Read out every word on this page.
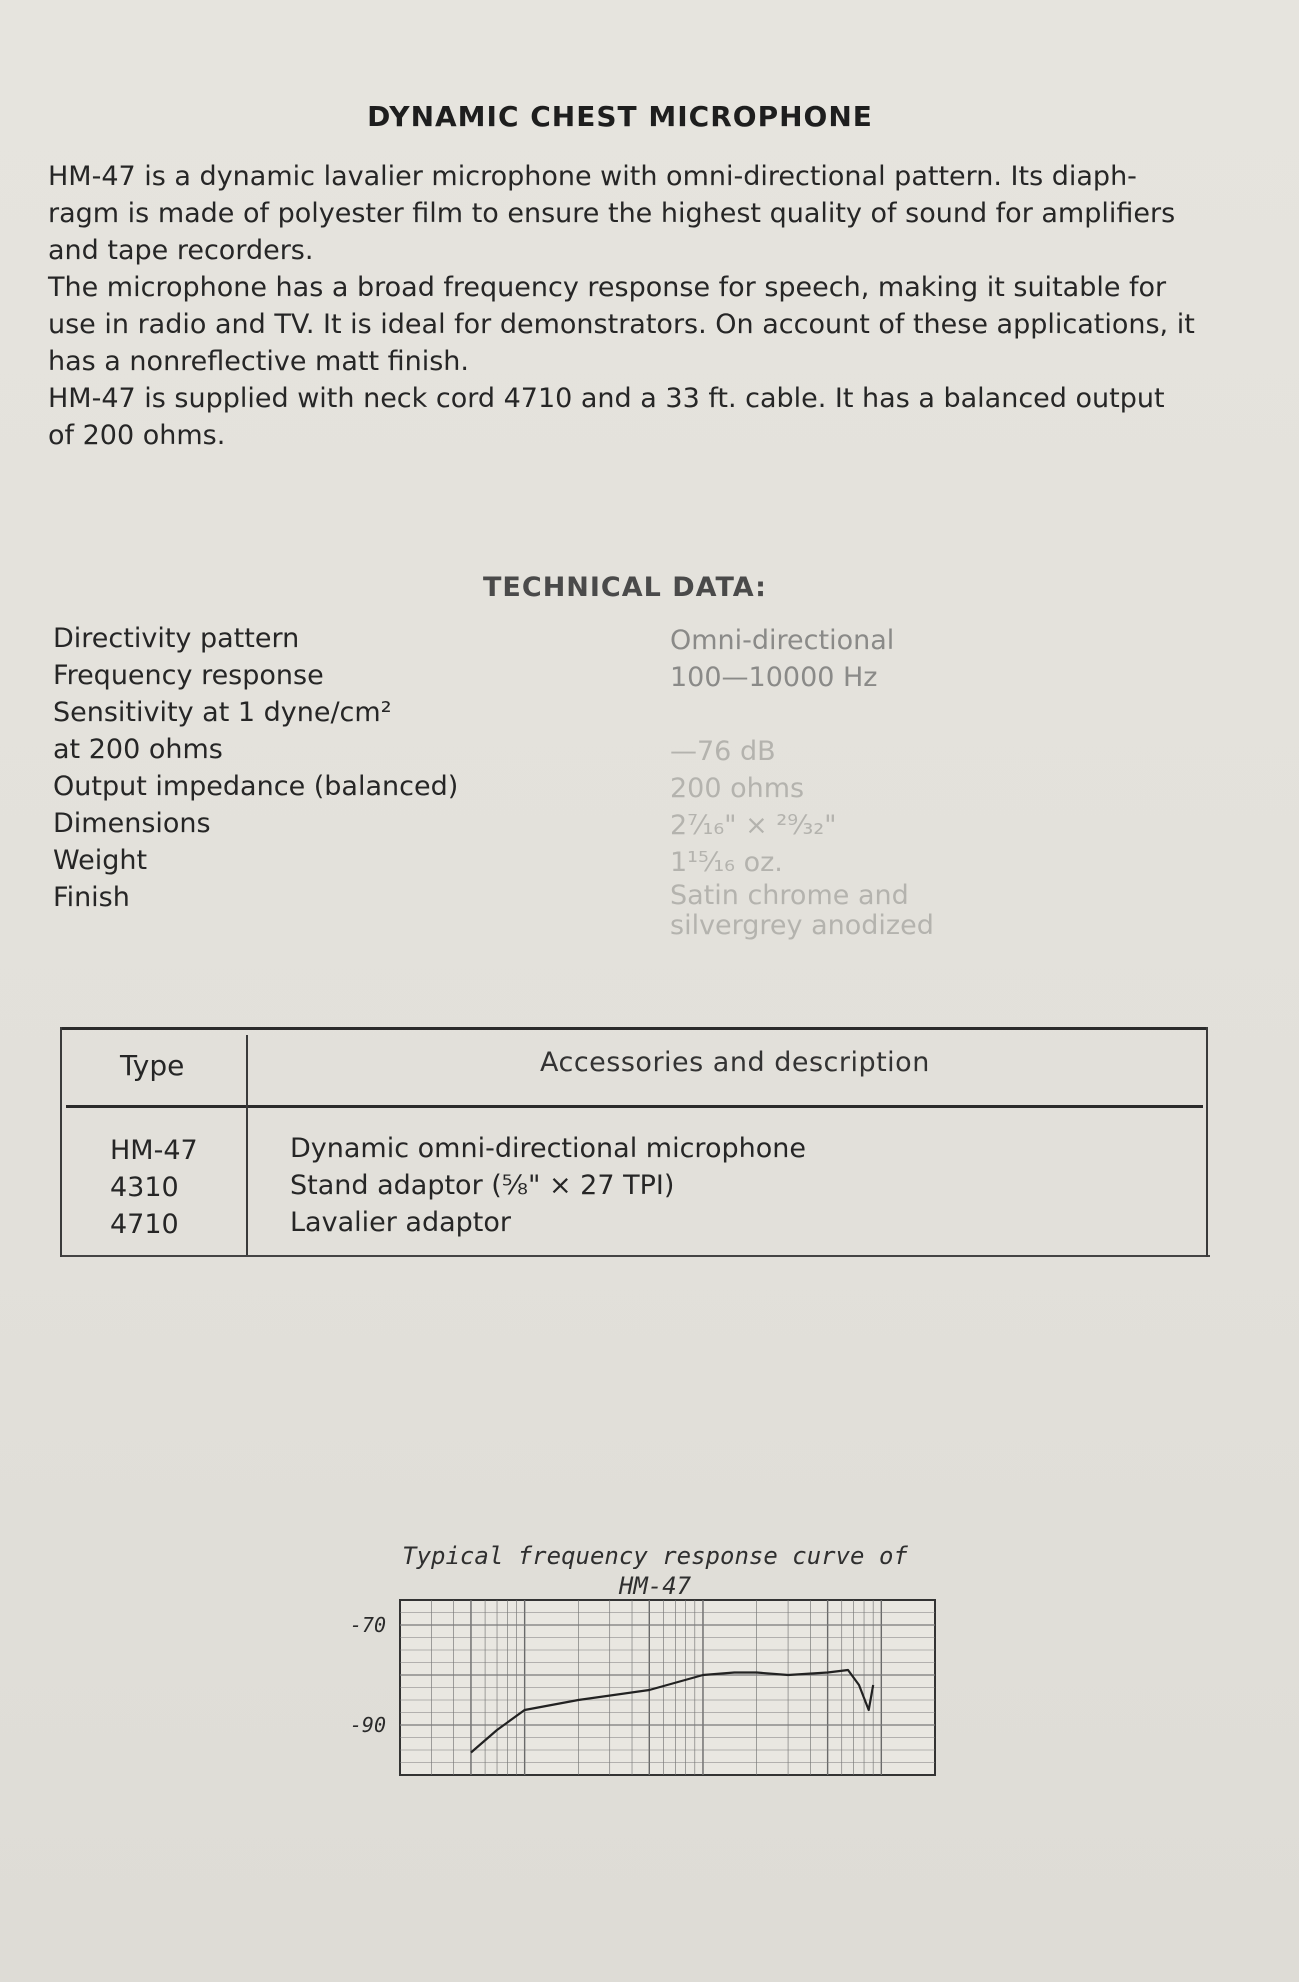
DYNAMIC CHEST MICROPHONE

HM-47 is a dynamic lavalier microphone with omni-directional pattern. Its diaph-ragm is made of polyester film to ensure the highest quality of sound for amplifiers and tape recorders.

The microphone has a broad frequency response for speech, making it suitable for use in radio and TV. It is ideal for demonstrators. On account of these applications, it has a nonreflective matt finish.

HM-47 is supplied with neck cord 4710 and a 33 ft. cable. It has a balanced output of 200 ohms.

TECHNICAL DATA:
Directivity pattern
Frequency response
Sensitivity at 1 dyne/cm²
at 200 ohms
Output impedance (balanced)
Dimensions
Weight
Finish
Omni-directional
100—10000 Hz
—76 dB
200 ohms
2⁷⁄₁₆" × ²⁹⁄₃₂"
1¹⁵⁄₁₆ oz.
Satin chrome and
silvergrey anodized
Type	Accessories and description
HM-47
4310
4710
Dynamic omni-directional microphone
Stand adaptor (⅝" × 27 TPI)
Lavalier adaptor
Typical frequency response curve of
HM-47
-70
-90
